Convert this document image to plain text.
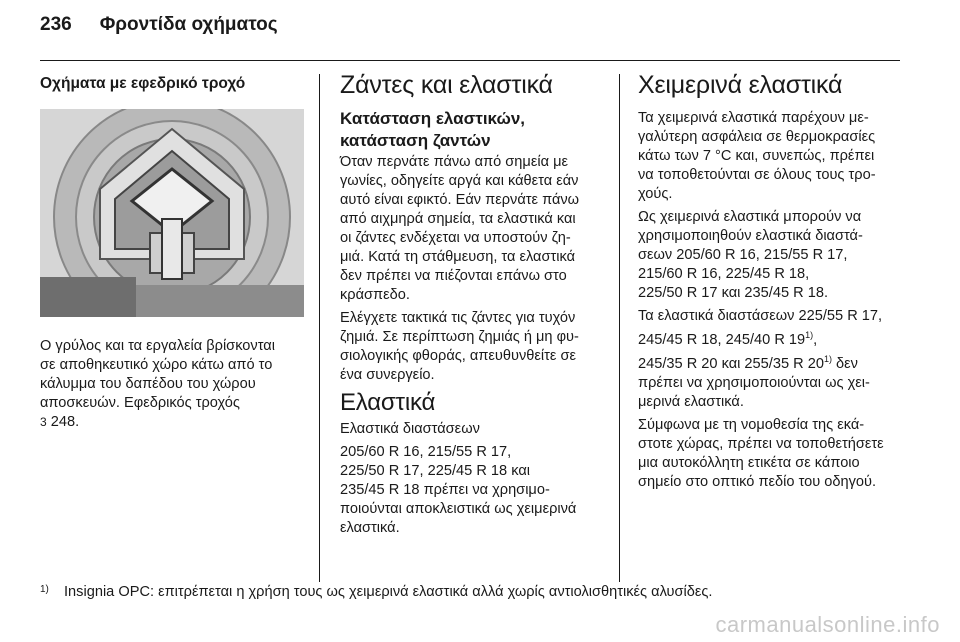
236 Φροντίδα οχήματος
Οχήματα με εφεδρικό τροχό

Ο γρύλος και τα εργαλεία βρίσκονται

σε αποθηκευτικό χώρο κάτω από το

κάλυμμα του δαπέδου του χώρου

αποσκευών. Εφεδρικός τροχός

3 248.

Ζάντες και ελαστικά
Κατάσταση ελαστικών,
κατάσταση ζαντών

Όταν περνάτε πάνω από σημεία με

γωνίες, οδηγείτε αργά και κάθετα εάν

αυτό είναι εφικτό. Εάν περνάτε πάνω

από αιχμηρά σημεία, τα ελαστικά και

οι ζάντες ενδέχεται να υποστούν ζη-

μιά. Κατά τη στάθμευση, τα ελαστικά

δεν πρέπει να πιέζονται επάνω στο

κράσπεδο.

Ελέγχετε τακτικά τις ζάντες για τυχόν

ζημιά. Σε περίπτωση ζημιάς ή μη φυ-

σιολογικής φθοράς, απευθυνθείτε σε

ένα συνεργείο.

Ελαστικά

Ελαστικά διαστάσεων

205/60 R 16, 215/55 R 17,

225/50 R 17, 225/45 R 18 και

235/45 R 18 πρέπει να χρησιμο-

ποιούνται αποκλειστικά ως χειμερινά

ελαστικά.

Χειμερινά ελαστικά

Τα χειμερινά ελαστικά παρέχουν με-

γαλύτερη ασφάλεια σε θερμοκρασίες

κάτω των 7 °C και, συνεπώς, πρέπει

να τοποθετούνται σε όλους τους τρο-

χούς.

Ως χειμερινά ελαστικά μπορούν να

χρησιμοποιηθούν ελαστικά διαστά-

σεων 205/60 R 16, 215/55 R 17,

215/60 R 16, 225/45 R 18,

225/50 R 17 και 235/45 R 18.

Τα ελαστικά διαστάσεων 225/55 R 17,

245/45 R 18, 245/40 R 19$^{1)}$,

245/35 R 20 και 255/35 R 20$^{1)}$ δεν

πρέπει να χρησιμοποιούνται ως χει-

μερινά ελαστικά.

Σύμφωνα με τη νομοθεσία της εκά-

στοτε χώρας, πρέπει να τοποθετήσετε

μια αυτοκόλλητη ετικέτα σε κάποιο

σημείο στο οπτικό πεδίο του οδηγού.

1)	Insignia OPC: επιτρέπεται η χρήση τους ως χειμερινά ελαστικά αλλά χωρίς αντιολισθητικές αλυσίδες.
carmanualsonline.info
